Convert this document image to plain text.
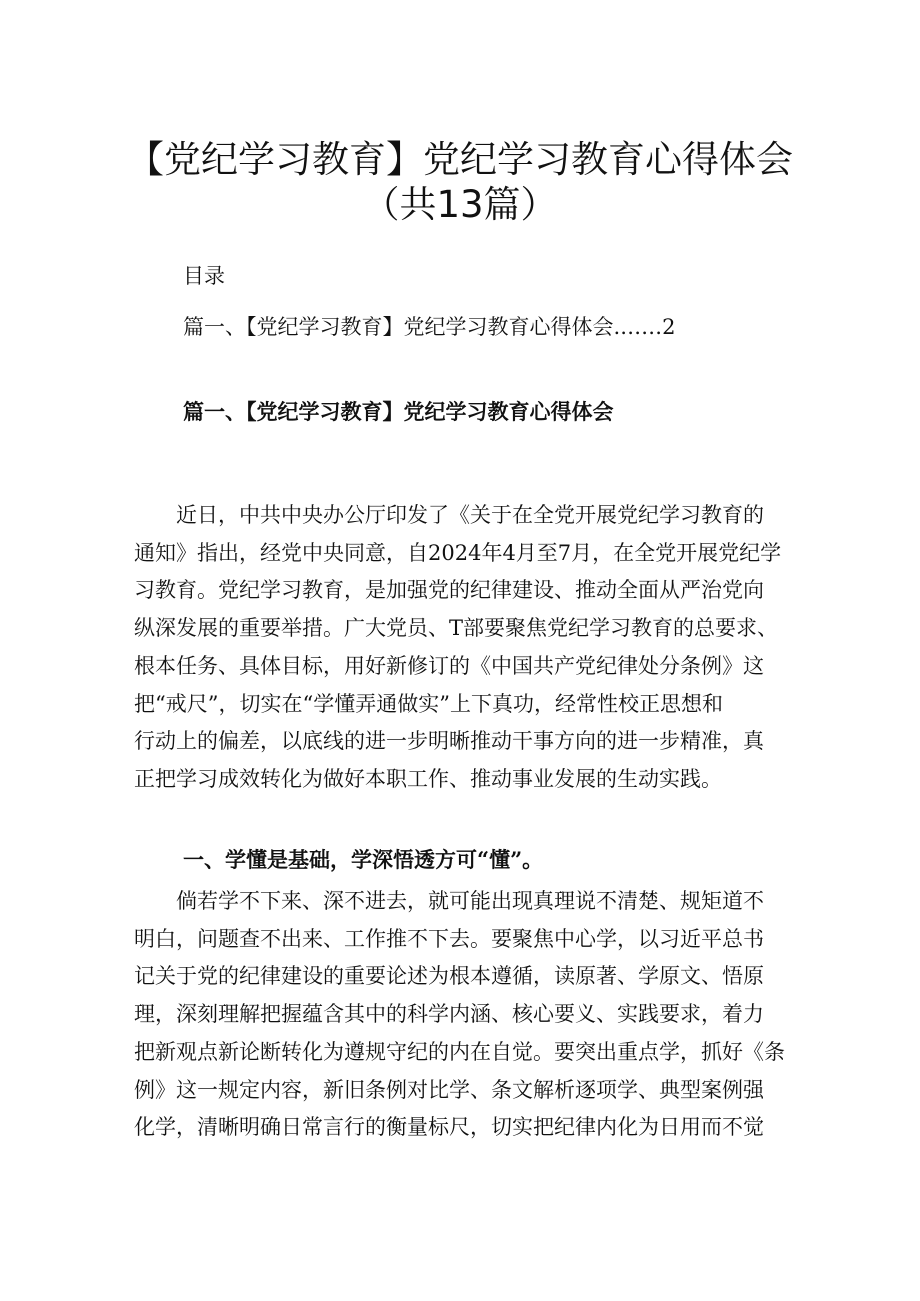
【党纪学习教育】党纪学习教育心得体会
（共13篇）
目录
篇一、【党纪学习教育】党纪学习教育心得体会.……2
篇一、【党纪学习教育】党纪学习教育心得体会
近日，中共中央办公厅印发了《关于在全党开展党纪学习教育的
通知》指出，经党中央同意，自2024年4月至7月，在全党开展党纪学
习教育。党纪学习教育，是加强党的纪律建设、推动全面从严治党向
纵深发展的重要举措。广大党员、T部要聚焦党纪学习教育的总要求、
根本任务、具体目标，用好新修订的《中国共产党纪律处分条例》这
把“戒尺”，切实在“学懂弄通做实”上下真功，经常性校正思想和
行动上的偏差，以底线的进一步明晰推动干事方向的进一步精准，真
正把学习成效转化为做好本职工作、推动事业发展的生动实践。
一、学懂是基础，学深悟透方可“懂”。
倘若学不下来、深不进去，就可能出现真理说不清楚、规矩道不
明白，问题查不出来、工作推不下去。要聚焦中心学，以习近平总书
记关于党的纪律建设的重要论述为根本遵循，读原著、学原文、悟原
理，深刻理解把握蕴含其中的科学内涵、核心要义、实践要求，着力
把新观点新论断转化为遵规守纪的内在自觉。要突出重点学，抓好《条
例》这一规定内容，新旧条例对比学、条文解析逐项学、典型案例强
化学，清晰明确日常言行的衡量标尺，切实把纪律内化为日用而不觉
